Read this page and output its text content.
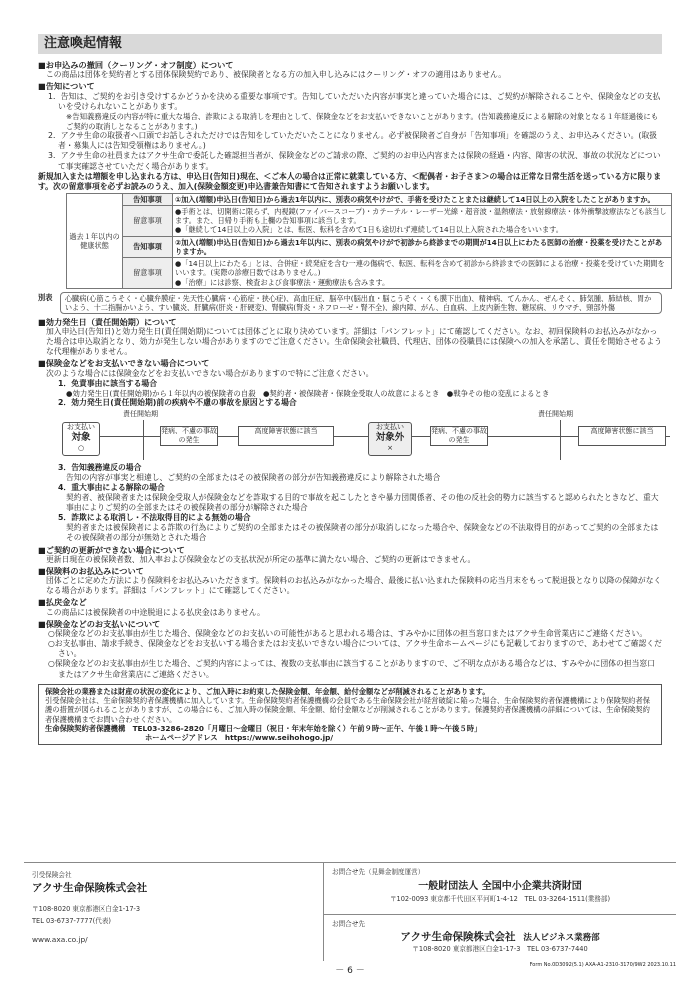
注意喚起情報
■ お申込みの撤回（クーリング・オフ制度）について
この商品は団体を契約者とする団体保険契約であり、被保険者となる方の加入申し込みにはクーリング・オフの適用はありません。
■ 告知について
1．告知は、ご契約をお引き受けするかどうかを決める重要な事項です。告知していただいた内容が事実と違っていた場合には、ご契約が解除されることや、保険金などの支払いを受けられないことがあります。
※告知義務違反の内容が特に重大な場合、詐欺による取消しを理由として、保険金などをお支払いできないことがあります。(告知義務違反による解除の対象となる１年経過後にもご契約の取消しとなることがあります。)
2．アクサ生命の取扱者へ口頭でお話しされただけでは告知をしていただいたことになりません。必ず被保険者ご自身が「告知事項」を確認のうえ、お申込みください。(取扱者・募集人には告知受領権はありません。)
3．アクサ生命の社員またはアクサ生命で委託した確認担当者が、保険金などのご請求の際、ご契約のお申込内容または保険の経過・内容、障害の状況、事故の状況などについて事実確認させていただく場合があります。
新規加入または増額を申し込まれる方は、申込日(告知日)現在、＜ご本人の場合は正常に就業している方、＜配偶者・お子さま＞の場合は正常な日常生活を送っている方に限ります。次の留意事項を必ずお読みのうえ、加入(保険金額変更)申込書兼告知書にて告知されますようお願いします。
過去１年以内の健康状態	告知事項	①加入(増額)申込日(告知日)から過去1年以内に、別表の病気やけがで、手術を受けたことまたは継続して14日以上の入院をしたことがありますか。
	留意事項	●手術とは、切開術に限らず、内視鏡(ファイバースコープ)・カテーテル・レーザー光線・超音波・温熱療法・放射線療法・体外衝撃波療法なども該当します。また、日帰り手術も上欄の告知事項に該当します。
●「継続して14日以上の入院」とは、転医、転科を含めて1日も途切れず連続して14日以上入院された場合をいいます。

	告知事項	②加入(増額)申込日(告知日)から過去1年以内に、別表の病気やけがで初診から終診までの期間が14日以上にわたる医師の治療・投薬を受けたことがありますか。
	留意事項	●「14日以上にわたる」とは、合併症・続発症を含む一連の傷病で、転医、転科を含めて初診から終診までの医師による治療・投薬を受けていた期間をいいます。(実際の診療日数ではありません。)
●「治療」には診察、検査および食事療法・運動療法も含みます。
別表	心臓病(心筋こうそく・心臓弁膜症・先天性心臓病・心筋症・狭心症)、高血圧症、脳卒中(脳出血・脳こうそく・くも膜下出血)、精神病、てんかん、ぜんそく、肺気腫、肺結核、胃かいよう、十二指腸かいよう、すい臓炎、肝臓病(肝炎・肝硬変)、腎臓病(腎炎・ネフローゼ・腎不全)、線内障、がん、白血病、上皮内新生物、糖尿病、リウマチ、頸部外傷
■ 効力発生日（責任開始期）について
加入申込日(告知日)と効力発生日(責任開始期)については団体ごとに取り決めています。詳細は「パンフレット」にて確認してください。なお、初回保険料のお払込みがなかった場合は申込取消となり、効力が発生しない場合がありますのでご注意ください。生命保険会社職員、代理店、団体の役職員には保険への加入を承諾し、責任を開始させるような代理権がありません。
■ 保険金などをお支払いできない場合について
次のような場合には保険金などをお支払いできない場合がありますので特にご注意ください。
1．免責事由に該当する場合
●効力発生日(責任開始期)から１年以内の被保険者の自殺　●契約者・被保険者・保険金受取人の故意によるとき　●戦争その他の変乱によるとき
2．効力発生日(責任開始期)前の疾病や不慮の事故を原因とする場合
責任開始期
お支払い
対象
○
発病、不慮の事故の発生
高度障害状態に該当
責任開始期
お支払い
対象外
×
発病、不慮の事故の発生
高度障害状態に該当
3．告知義務違反の場合
告知の内容が事実と相違し、ご契約の全部またはその被保険者の部分が告知義務違反により解除された場合
4．重大事由による解除の場合
契約者、被保険者または保険金受取人が保険金などを詐取する目的で事故を起こしたときや暴力団関係者、その他の反社会的勢力に該当すると認められたときなど、重大事由によりご契約の全部またはその被保険者の部分が解除された場合
5．詐欺による取消し・不法取得目的による無効の場合
契約者または被保険者による詐欺の行為によりご契約の全部またはその被保険者の部分が取消しになった場合や、保険金などの不法取得目的があってご契約の全部またはその被保険者の部分が無効とされた場合
■ ご契約の更新ができない場合について
更新日現在の被保険者数、加入率および保険金などの支払状況が所定の基準に満たない場合、ご契約の更新はできません。
■ 保険料のお払込みについて
団体ごとに定めた方法により保険料をお払込みいただきます。保険料のお払込みがなかった場合、最後に払い込まれた保険料の応当月末をもって脱退扱となり以降の保障がなくなる場合があります。詳細は「パンフレット」にて確認してください。
■ 払戻金など
この商品には被保険者の中途脱退による払戻金はありません。
■ 保険金などのお支払いについて
○保険金などのお支払事由が生じた場合、保険金などのお支払いの可能性があると思われる場合は、すみやかに団体の担当窓口またはアクサ生命営業店にご連絡ください。
○お支払事由、請求手続き、保険金などをお支払いする場合またはお支払いできない場合については、アクサ生命ホームページにも記載しておりますので、あわせてご確認ください。
○保険金などのお支払事由が生じた場合、ご契約内容によっては、複数の支払事由に該当することがありますので、ご不明な点がある場合などは、すみやかに団体の担当窓口またはアクサ生命営業店にご連絡ください。
保険会社の業務または財産の状況の変化により、ご加入時にお約束した保険金額、年金額、給付金額などが削減されることがあります。
引受保険会社は、生命保険契約者保護機構に加入しています。生命保険契約者保護機構の会員である生命保険会社が経営破綻に陥った場合、生命保険契約者保護機構により保険契約者保護の措置が図られることがありますが、この場合にも、ご加入時の保険金額、年金額、給付金額などが削減されることがあります。保護契約者保護機構の詳細については、生命保険契約者保護機構までお問い合わせください。
生命保険契約者保護機構　 TEL03-3286-2820「月曜日〜金曜日（祝日・年末年始を除く）午前９時〜正午、午後１時〜午後５時」
ホームページアドレス　https://www.seihohogo.jp/
引受保険会社
アクサ生命保険株式会社
〒108-8020 東京都港区白金1-17-3
TEL 03-6737-7777(代表)
www.axa.co.jp/
お問合せ先（見舞金制度運営）
一般財団法人 全国中小企業共済財団
〒102-0093 東京都千代田区平河町1-4-12　TEL 03-3264-1511(業務部)
お問合せ先
アクサ生命保険株式会社　 法人ビジネス業務部
〒108-8020 東京都港区白金1-17-3　TEL 03-6737-7440
－ 6 －
Form No.0D3092(5.1) AXA-A1-2310-3170/9W2 2023.10.11
